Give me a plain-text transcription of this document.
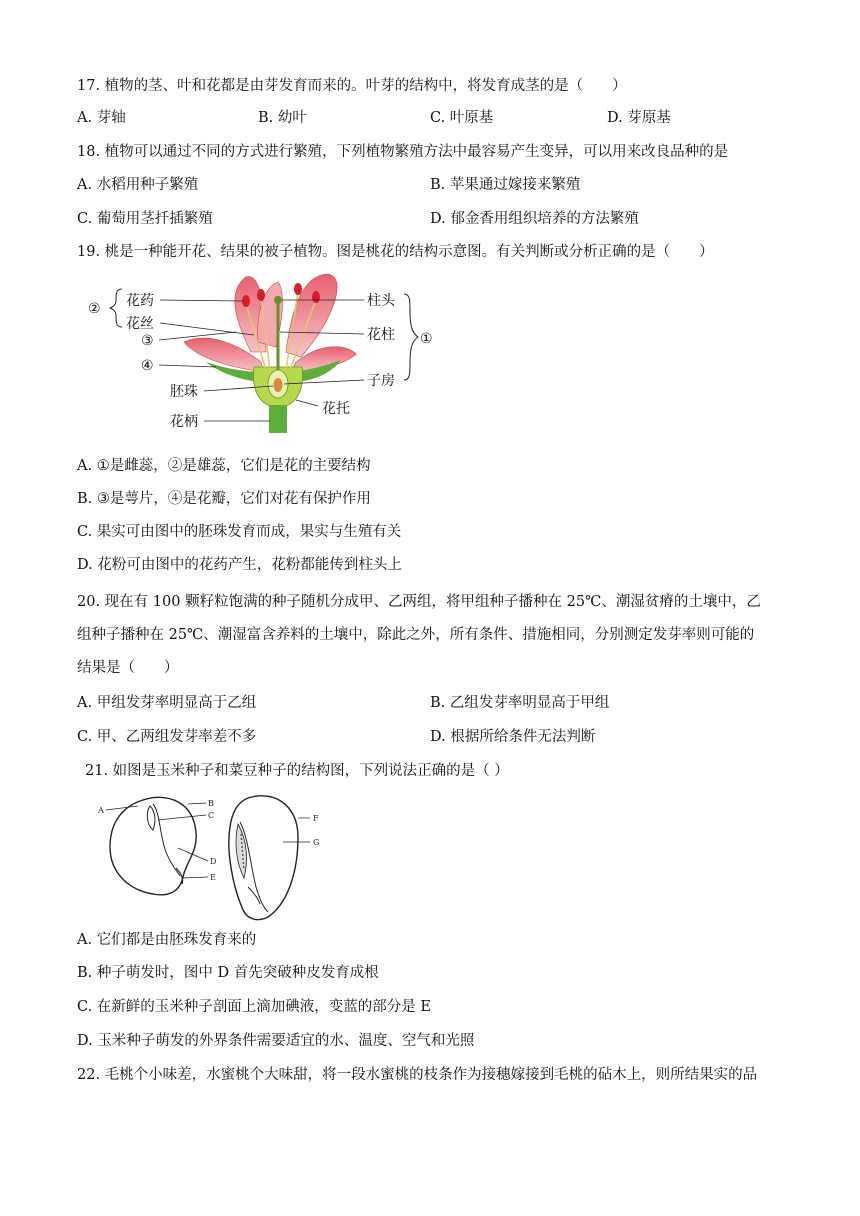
17. 植物的茎、叶和花都是由芽发育而来的。叶芽的结构中，将发育成茎的是（　　）
A. 芽轴	B. 幼叶	C. 叶原基	D. 芽原基
18. 植物可以通过不同的方式进行繁殖，下列植物繁殖方法中最容易产生变异，可以用来改良品种的是
A. 水稻用种子繁殖	B. 苹果通过嫁接来繁殖
C. 葡萄用茎扦插繁殖	D. 郁金香用组织培养的方法繁殖
19. 桃是一种能开花、结果的被子植物。图是桃花的结构示意图。有关判断或分析正确的是（　　）
② 花药
花丝
③
④
胚珠
花柄
柱头
花柱
子房
花托
①
A. ①是雌蕊，②是雄蕊，它们是花的主要结构
B. ③是萼片，④是花瓣，它们对花有保护作用
C. 果实可由图中的胚珠发育而成，果实与生殖有关
D. 花粉可由图中的花药产生，花粉都能传到柱头上
20. 现在有 100 颗籽粒饱满的种子随机分成甲、乙两组，将甲组种子播种在 25℃、潮湿贫瘠的土壤中，乙
组种子播种在 25℃、潮湿富含养料的土壤中，除此之外，所有条件、措施相同，分别测定发芽率则可能的
结果是（　　）
A. 甲组发芽率明显高于乙组	B. 乙组发芽率明显高于甲组
C. 甲、乙两组发芽率差不多	D. 根据所给条件无法判断
21. 如图是玉米种子和菜豆种子的结构图，下列说法正确的是（ ）
A
B
C
D
E
F
G
A. 它们都是由胚珠发育来的
B. 种子萌发时，图中 D 首先突破种皮发育成根
C. 在新鲜的玉米种子剖面上滴加碘液，变蓝的部分是 E
D. 玉米种子萌发的外界条件需要适宜的水、温度、空气和光照
22. 毛桃个小味差，水蜜桃个大味甜，将一段水蜜桃的枝条作为接穗嫁接到毛桃的砧木上，则所结果实的品
